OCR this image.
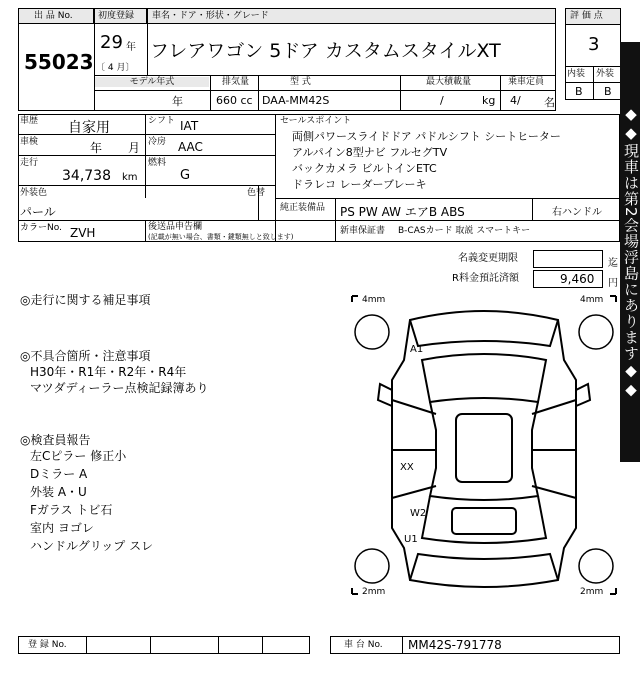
出 品 No.
55023
初度登録
29 年
〔 4 月〕
車名・ドア・形状・グレード
フレアワゴン 5ドア カスタムスタイルXT
モデル年式
年
排気量
660 cc
型 式
DAA-MM42S
最大積載量
/	kg
乗車定員
4/ 名
評 価 点
3
内装 外装
B B
◆◆現車は第2会場浮島にあります◆◆
車歴 自家用	シフト IAT
車検	年 月 冷房 AAC
走行
34,738 km
燃料
G
外装色
パール
色替
カラーNo. ZVH	後送品申告欄
(記載が無い場合、書類・鍵類無しと致します)
セールスポイント
両側パワースライドドア パドルシフト シートヒーター
アルパイン8型ナビ フルセグTV
バックカメラ ビルトインETC
ドラレコ レーダーブレーキ
純正装備品 PS PW AW エアB ABS	右ハンドル
新車保証書 B-CASカード 取説 スマートキー
名義変更期限	迄
R料金預託済額	9,460 円
◎走行に関する補足事項
◎不具合箇所・注意事項
H30年・R1年・R2年・R4年
マツダディーラー点検記録簿あり
◎検査員報告
左Cピラー 修正小
Dミラー A
外装 A・U
Fガラス トビ石
室内 ヨゴレ
ハンドルグリップ スレ
4mm	4mm
2mm	2mm
A1
XX
W2
U1
登 録 No.	車 台 No. MM42S-791778
